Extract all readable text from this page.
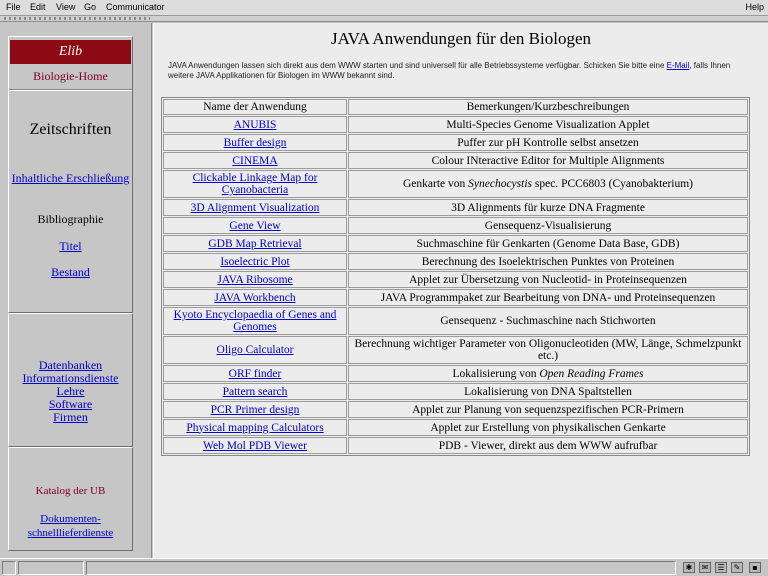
File Edit View Go Communicator	Help
Elib
Biologie-Home
Zeitschriften
Inhaltliche Erschließung
Bibliographie
Titel
Bestand
Datenbanken
Informationsdienste
Lehre
Software
Firmen
Katalog der UB
Dokumenten-schnelllieferdienste
JAVA Anwendungen für den Biologen
JAVA Anwendungen lassen sich direkt aus dem WWW starten und sind universell für alle Betriebssysteme verfügbar. Schicken Sie bitte eine E-Mail, falls Ihnen weitere JAVA Applikationen für Biologen im WWW bekannt sind.
Name der Anwendung	Bemerkungen/Kurzbeschreibungen
ANUBIS	Multi-Species Genome Visualization Applet
Buffer design	Puffer zur pH Kontrolle selbst ansetzen
CINEMA	Colour INteractive Editor for Multiple Alignments
Clickable Linkage Map for Cyanobacteria	Genkarte von Synechocystis spec. PCC6803 (Cyanobakterium)
3D Alignment Visualization	3D Alignments für kurze DNA Fragmente
Gene View	Gensequenz-Visualisierung
GDB Map Retrieval	Suchmaschine für Genkarten (Genome Data Base, GDB)
Isoelectric Plot	Berechnung des Isoelektrischen Punktes von Proteinen
JAVA Ribosome	Applet zur Übersetzung von Nucleotid- in Proteinsequenzen
JAVA Workbench	JAVA Programmpaket zur Bearbeitung von DNA- und Proteinsequenzen
Kyoto Encyclopaedia of Genes and Genomes	Gensequenz - Suchmaschine nach Stichworten
Oligo Calculator	Berechnung wichtiger Parameter von Oligonucleotiden (MW, Länge, Schmelzpunkt etc.)
ORF finder	Lokalisierung von Open Reading Frames
Pattern search	Lokalisierung von DNA Spaltstellen
PCR Primer design	Applet zur Planung von sequenzspezifischen PCR-Primern
Physical mapping Calculators	Applet zur Erstellung von physikalischen Genkarte
Web Mol PDB Viewer	PDB - Viewer, direkt aus dem WWW aufrufbar
✱	✉	☰	✎	▪
